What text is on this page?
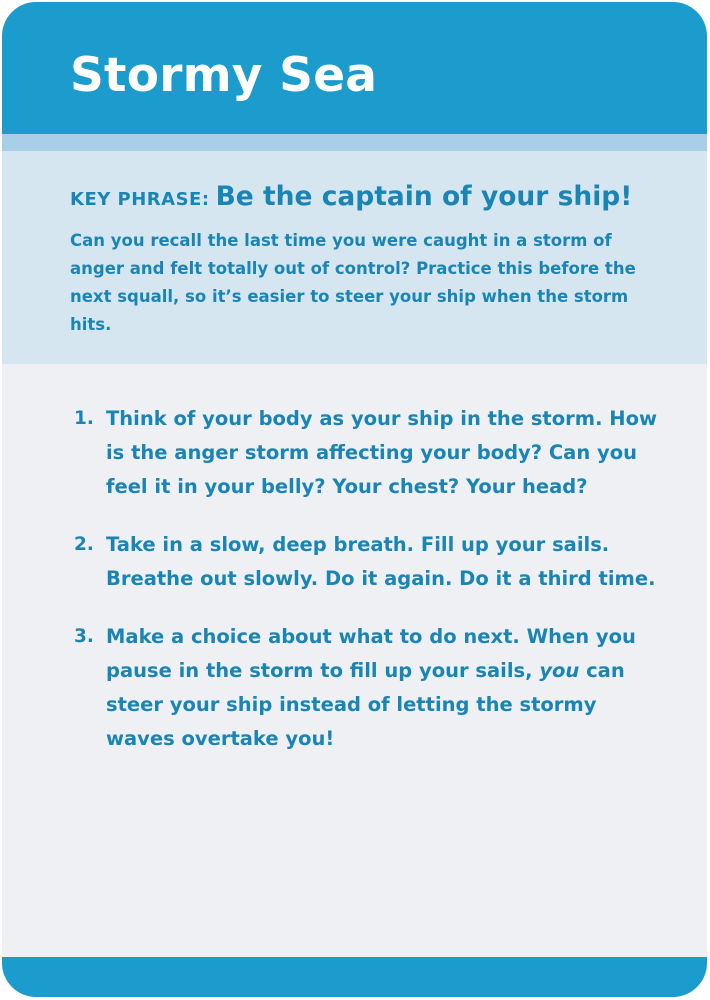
Stormy Sea
KEY PHRASE: Be the captain of your ship!

Can you recall the last time you were caught in a storm of anger and felt totally out of control? Practice this before the next squall, so it’s easier to steer your ship when the storm hits.

1. Think of your body as your ship in the storm. How is the anger storm affecting your body? Can you feel it in your belly? Your chest? Your head?
2. Take in a slow, deep breath. Fill up your sails. Breathe out slowly. Do it again. Do it a third time.
3. Make a choice about what to do next. When you pause in the storm to fill up your sails, you can steer your ship instead of letting the stormy waves overtake you!
